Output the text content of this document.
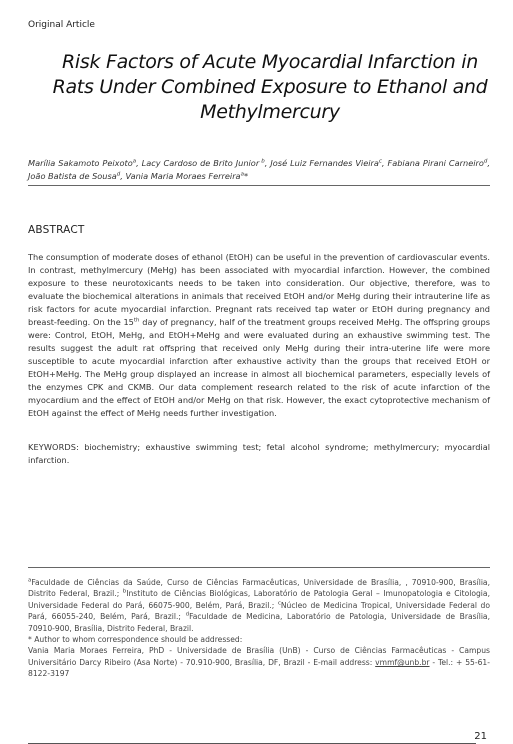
Original Article
Risk Factors of Acute Myocardial Infarction in Rats Under Combined Exposure to Ethanol and Methylmercury
Marília Sakamoto Peixoto$^a$, Lacy Cardoso de Brito Junior $^b$, José Luiz Fernandes Vieira$^c$, Fabiana Pirani Carneiro$^d$, João Batista de Sousa$^d$, Vania Maria Moraes Ferreira$^a$*
ABSTRACT
The consumption of moderate doses of ethanol (EtOH) can be useful in the prevention of cardiovascular events. In contrast, methylmercury (MeHg) has been associated with myocardial infarction. However, the combined exposure to these neurotoxicants needs to be taken into consideration. Our objective, therefore, was to evaluate the biochemical alterations in animals that received EtOH and/or MeHg during their intrauterine life as risk factors for acute myocardial infarction. Pregnant rats received tap water or EtOH during pregnancy and breast-feeding. On the 15th day of pregnancy, half of the treatment groups received MeHg. The offspring groups were: Control, EtOH, MeHg, and EtOH+MeHg and were evaluated during an exhaustive swimming test. The results suggest the adult rat offspring that received only MeHg during their intra-uterine life were more susceptible to acute myocardial infarction after exhaustive activity than the groups that received EtOH or EtOH+MeHg. The MeHg group displayed an increase in almost all biochemical parameters, especially levels of the enzymes CPK and CKMB. Our data complement research related to the risk of acute infarction of the myocardium and the effect of EtOH and/or MeHg on that risk. However, the exact cytoprotective mechanism of EtOH against the effect of MeHg needs further investigation.
KEYWORDS: biochemistry; exhaustive swimming test; fetal alcohol syndrome; methylmercury; myocardial infarction.

$^a$Faculdade de Ciências da Saúde, Curso de Ciências Farmacêuticas, Universidade de Brasília, , 70910-900, Brasília, Distrito Federal, Brazil.; $^b$Instituto de Ciências Biológicas, Laboratório de Patologia Geral – Imunopatologia e Citologia, Universidade Federal do Pará, 66075-900, Belém, Pará, Brazil.; $^c$Núcleo de Medicina Tropical, Universidade Federal do Pará, 66055-240, Belém, Pará, Brazil.; $^d$Faculdade de Medicina, Laboratório de Patologia, Universidade de Brasília, 70910-900, Brasília, Distrito Federal, Brazil.

* Author to whom correspondence should be addressed:

Vania Maria Moraes Ferreira, PhD - Universidade de Brasília (UnB) - Curso de Ciências Farmacêuticas - Campus Universitário Darcy Ribeiro (Asa Norte) - 70.910-900, Brasília, DF, Brazil - E-mail address: vmmf@unb.br - Tel.: + 55-61-8122-3197

21
